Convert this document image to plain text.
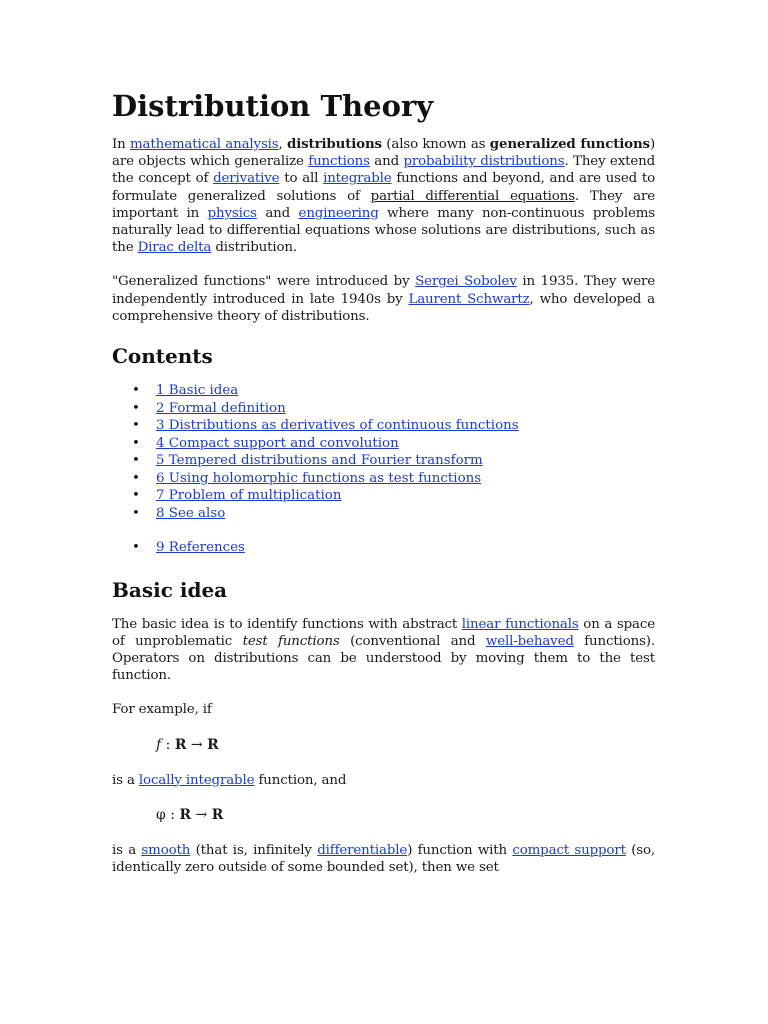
Distribution Theory

In mathematical analysis, distributions (also known as generalized functions) are objects which generalize functions and probability distributions. They extend the concept of derivative to all integrable functions and beyond, and are used to formulate generalized solutions of partial differential equations. They are important in physics and engineering where many non-continuous problems naturally lead to differential equations whose solutions are distributions, such as the Dirac delta distribution.

"Generalized functions" were introduced by Sergei Sobolev in 1935. They were independently introduced in late 1940s by Laurent Schwartz, who developed a comprehensive theory of distributions.

Contents
• 1 Basic idea
• 2 Formal definition
• 3 Distributions as derivatives of continuous functions
• 4 Compact support and convolution
• 5 Tempered distributions and Fourier transform
• 6 Using holomorphic functions as test functions
• 7 Problem of multiplication
• 8 See also
• 9 References
Basic idea

The basic idea is to identify functions with abstract linear functionals on a space of unproblematic test functions (conventional and well-behaved functions). Operators on distributions can be understood by moving them to the test function.

For example, if

f : R → R

is a locally integrable function, and

φ : R → R

is a smooth (that is, infinitely differentiable) function with compact support (so, identically zero outside of some bounded set), then we set
